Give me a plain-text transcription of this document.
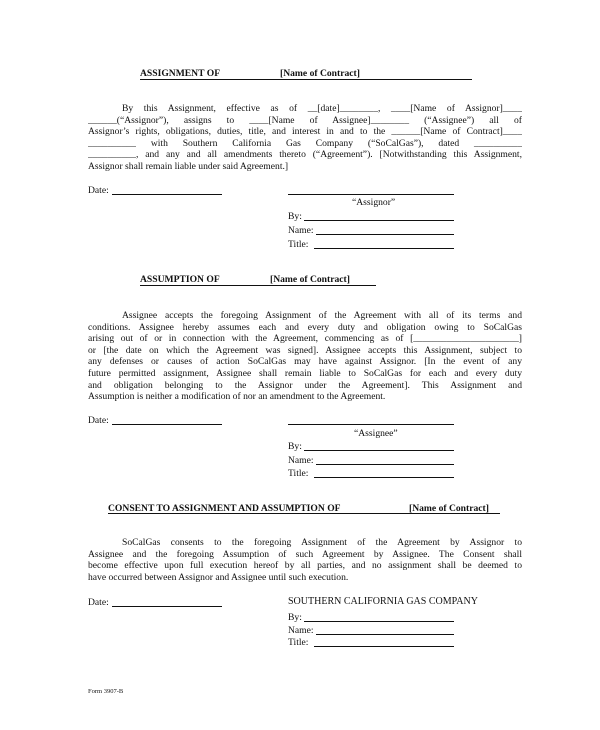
ASSIGNMENT OF	[Name of Contract]
By this Assignment, effective as of __[date]________, ____[Name of Assignor]____
______(“Assignor”), assigns to ____[Name of Assignee]________ (“Assignee”) all of
Assignor’s rights, obligations, duties, title, and interest in and to the ______[Name of Contract]____
__________ with Southern California Gas Company (“SoCalGas”), dated __________
__________, and any and all amendments thereto (“Agreement”). [Notwithstanding this Assignment,
Assignor shall remain liable under said Agreement.]
Date:
“Assignor”
By:
Name:
Title:
ASSUMPTION OF	[Name of Contract]
Assignee accepts the foregoing Assignment of the Agreement with all of its terms and
conditions. Assignee hereby assumes each and every duty and obligation owing to SoCalGas
arising out of or in connection with the Agreement, commencing as of [______________________]
or [the date on which the Agreement was signed]. Assignee accepts this Assignment, subject to
any defenses or causes of action SoCalGas may have against Assignor. [In the event of any
future permitted assignment, Assignee shall remain liable to SoCalGas for each and every duty
and obligation belonging to the Assignor under the Agreement]. This Assignment and
Assumption is neither a modification of nor an amendment to the Agreement.
Date:
“Assignee”
By:
Name:
Title:
CONSENT TO ASSIGNMENT AND ASSUMPTION OF	[Name of Contract]
SoCalGas consents to the foregoing Assignment of the Agreement by Assignor to
Assignee and the foregoing Assumption of such Agreement by Assignee. The Consent shall
become effective upon full execution hereof by all parties, and no assignment shall be deemed to
have occurred between Assignor and Assignee until such execution.
Date:	SOUTHERN CALIFORNIA GAS COMPANY
By:
Name:
Title:
Form 3907-B
